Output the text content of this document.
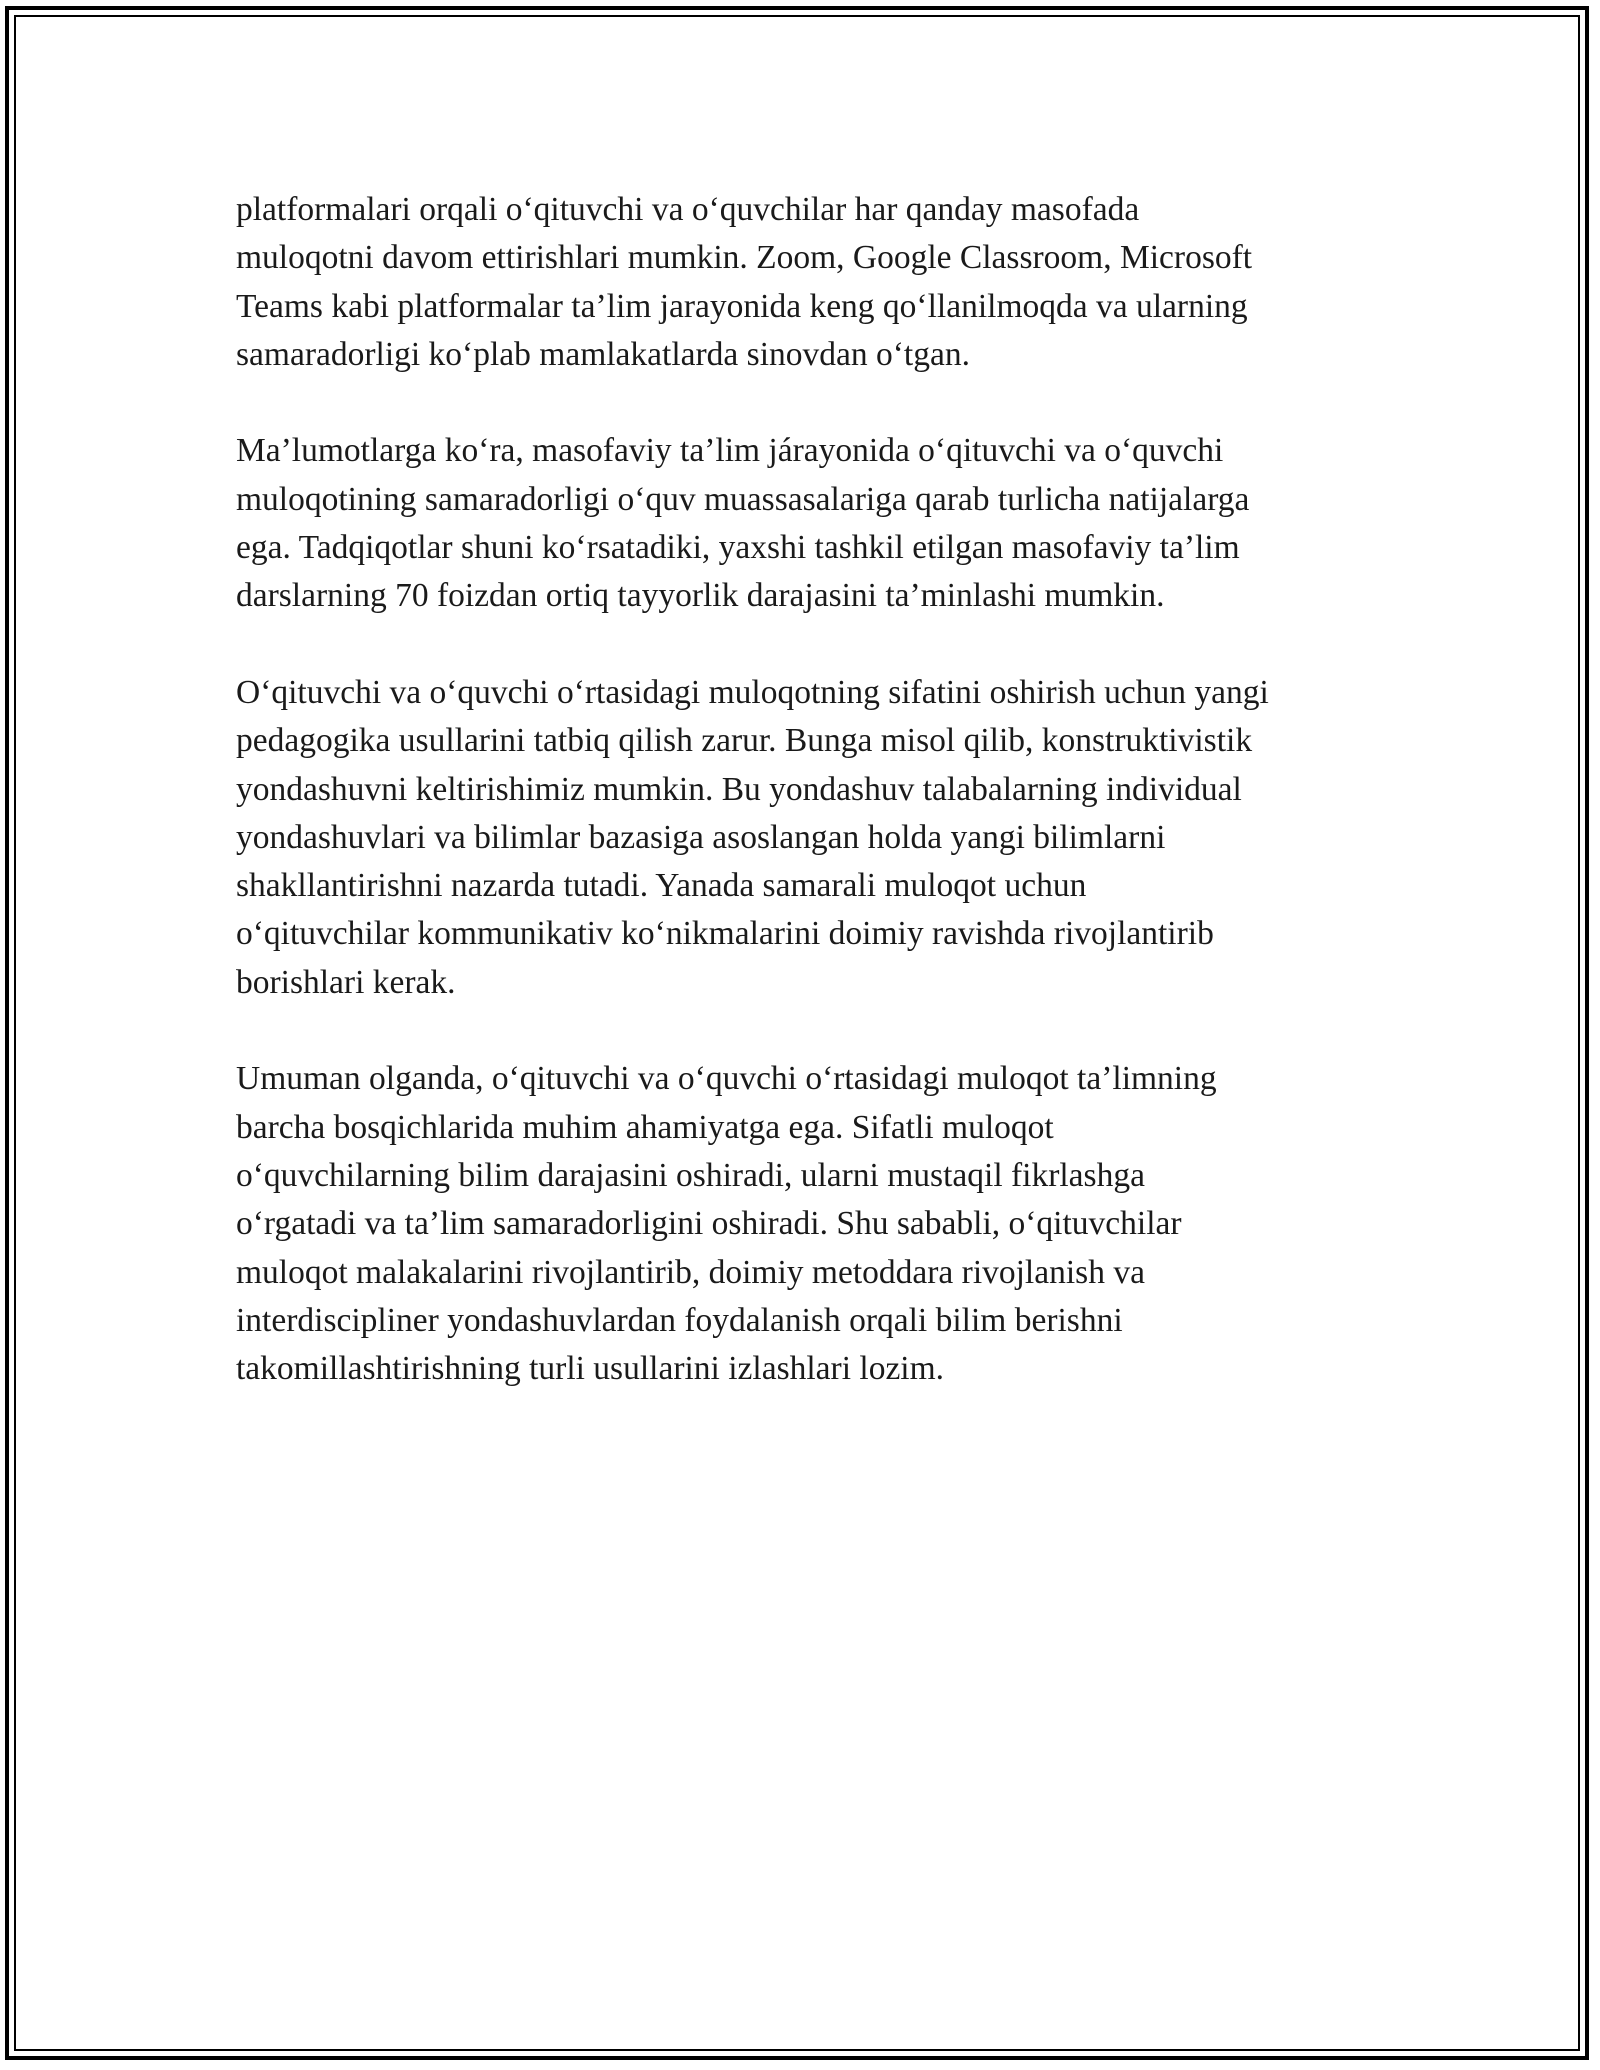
platformalari orqali o‘qituvchi va o‘quvchilar har qanday masofada
muloqotni davom ettirishlari mumkin. Zoom, Google Classroom, Microsoft
Teams kabi platformalar ta’lim jarayonida keng qo‘llanilmoqda va ularning
samaradorligi ko‘plab mamlakatlarda sinovdan o‘tgan.

Ma’lumotlarga ko‘ra, masofaviy ta’lim járayonida o‘qituvchi va o‘quvchi
muloqotining samaradorligi o‘quv muassasalariga qarab turlicha natijalarga
ega. Tadqiqotlar shuni ko‘rsatadiki, yaxshi tashkil etilgan masofaviy ta’lim
darslarning 70 foizdan ortiq tayyorlik darajasini ta’minlashi mumkin.

O‘qituvchi va o‘quvchi o‘rtasidagi muloqotning sifatini oshirish uchun yangi
pedagogika usullarini tatbiq qilish zarur. Bunga misol qilib, konstruktivistik
yondashuvni keltirishimiz mumkin. Bu yondashuv talabalarning individual
yondashuvlari va bilimlar bazasiga asoslangan holda yangi bilimlarni
shakllantirishni nazarda tutadi. Yanada samarali muloqot uchun
o‘qituvchilar kommunikativ ko‘nikmalarini doimiy ravishda rivojlantirib
borishlari kerak.

Umuman olganda, o‘qituvchi va o‘quvchi o‘rtasidagi muloqot ta’limning
barcha bosqichlarida muhim ahamiyatga ega. Sifatli muloqot
o‘quvchilarning bilim darajasini oshiradi, ularni mustaqil fikrlashga
o‘rgatadi va ta’lim samaradorligini oshiradi. Shu sababli, o‘qituvchilar
muloqot malakalarini rivojlantirib, doimiy metoddara rivojlanish va
interdiscipliner yondashuvlardan foydalanish orqali bilim berishni
takomillashtirishning turli usullarini izlashlari lozim.
